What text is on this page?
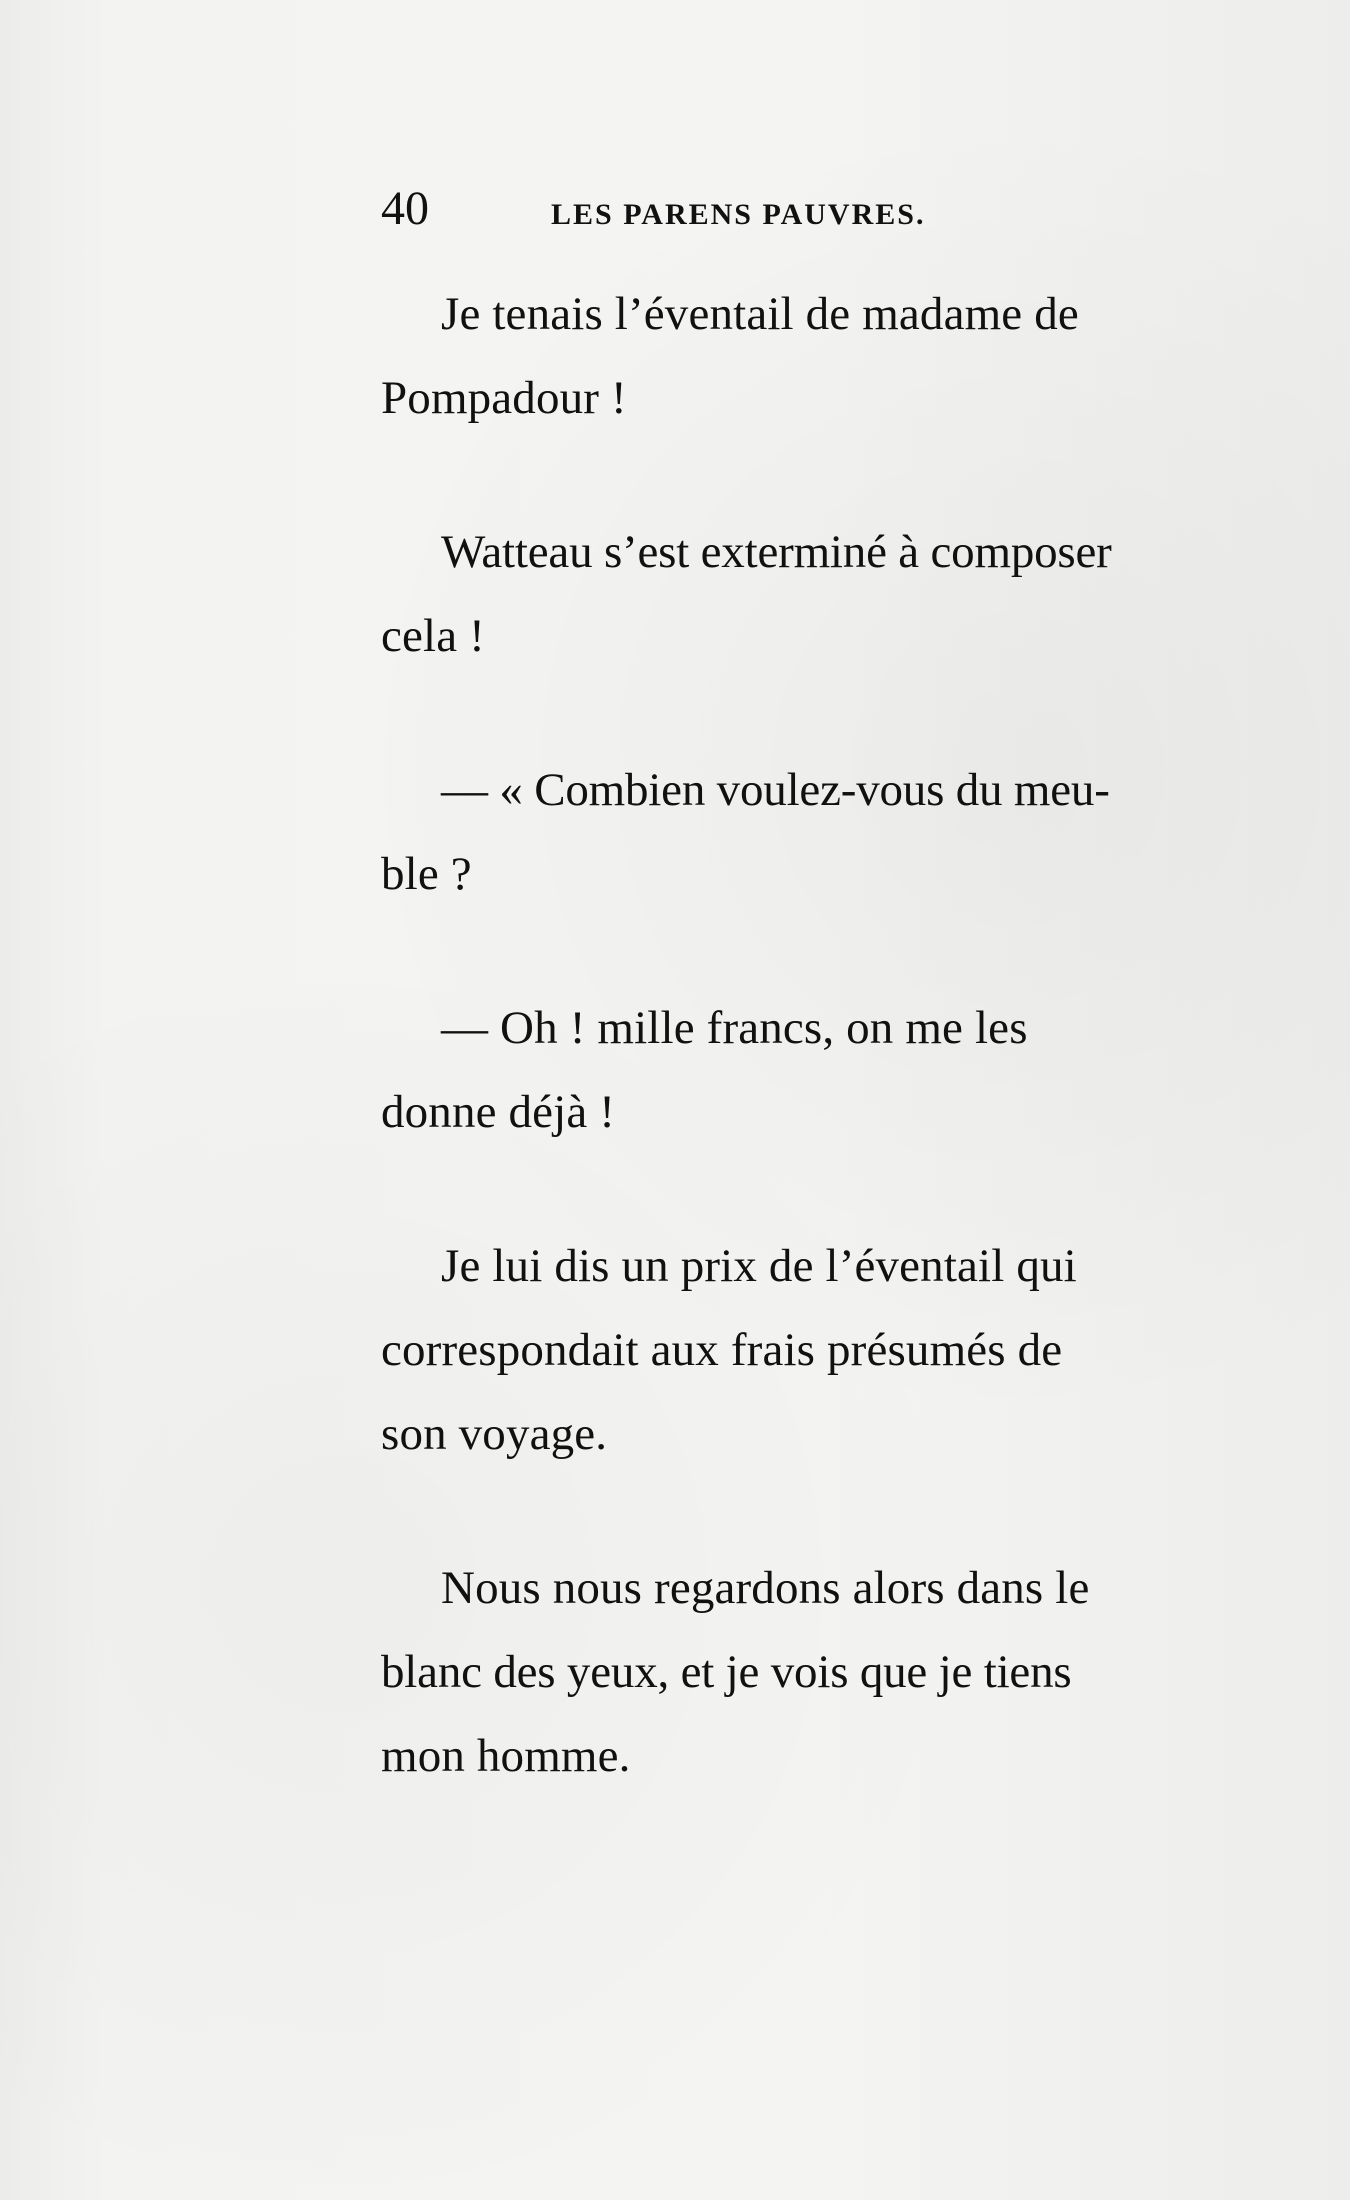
40	LES PARENS PAUVRES.

Je tenais l’éventail de madame de
Pompadour !

Watteau s’est exterminé à composer
cela !

— « Combien voulez-vous du meu-
ble ?

— Oh ! mille francs, on me les
donne déjà !

Je lui dis un prix de l’éventail qui
correspondait aux frais présumés de
son voyage.

Nous nous regardons alors dans le
blanc des yeux, et je vois que je tiens
mon homme.
